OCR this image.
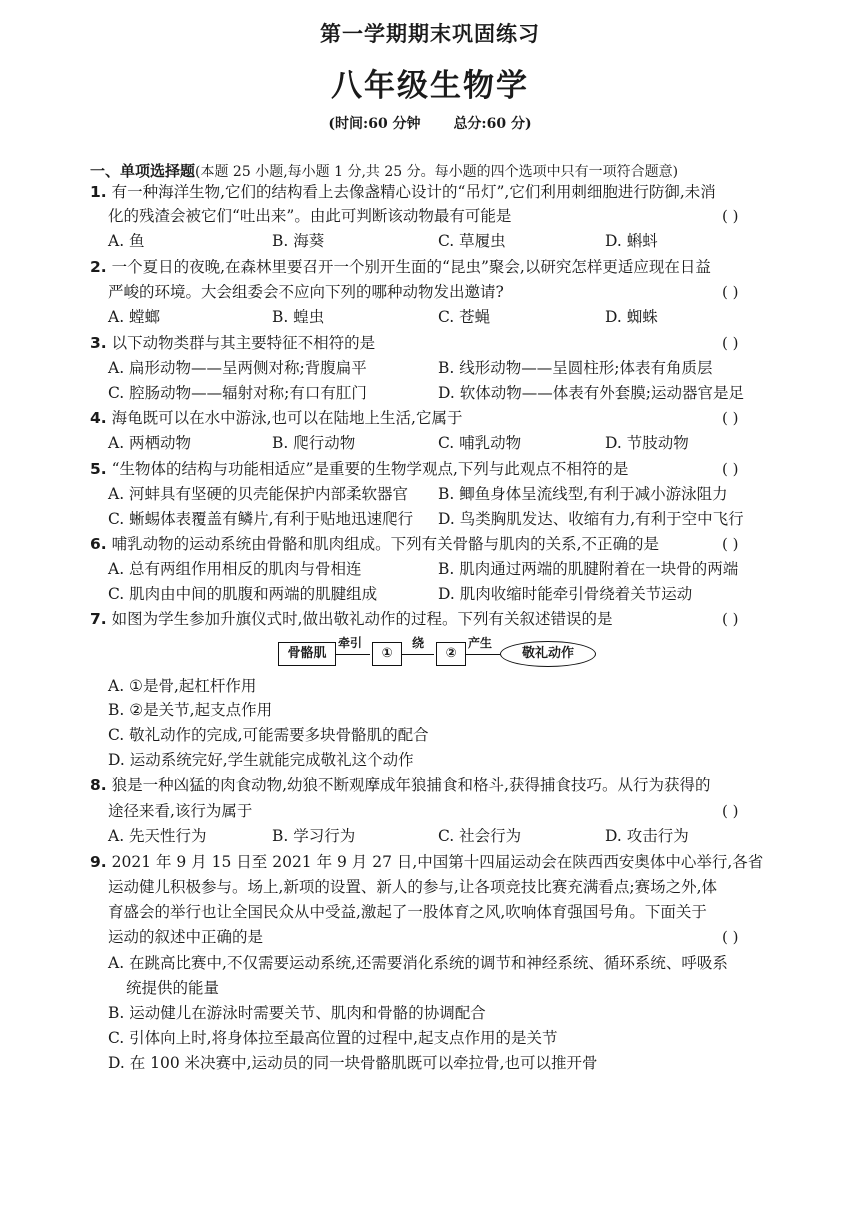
第一学期期末巩固练习
八年级生物学
(时间:60 分钟 总分:60 分)
一、单项选择题(本题 25 小题,每小题 1 分,共 25 分。每小题的四个选项中只有一项符合题意)
1. 有一种海洋生物,它们的结构看上去像盏精心设计的“吊灯”,它们利用刺细胞进行防御,未消
化的残渣会被它们“吐出来”。由此可判断该动物最有可能是	( )
A. 鱼	B. 海葵	C. 草履虫	D. 蝌蚪
2. 一个夏日的夜晚,在森林里要召开一个别开生面的“昆虫”聚会,以研究怎样更适应现在日益
严峻的环境。大会组委会不应向下列的哪种动物发出邀请?	( )
A. 螳螂	B. 蝗虫	C. 苍蝇	D. 蜘蛛
3. 以下动物类群与其主要特征不相符的是	( )
A. 扁形动物——呈两侧对称;背腹扁平	B. 线形动物——呈圆柱形;体表有角质层
C. 腔肠动物——辐射对称;有口有肛门	D. 软体动物——体表有外套膜;运动器官是足
4. 海龟既可以在水中游泳,也可以在陆地上生活,它属于	( )
A. 两栖动物	B. 爬行动物	C. 哺乳动物	D. 节肢动物
5. “生物体的结构与功能相适应”是重要的生物学观点,下列与此观点不相符的是	( )
A. 河蚌具有坚硬的贝壳能保护内部柔软器官 B. 鲫鱼身体呈流线型,有利于减小游泳阻力
C. 蜥蜴体表覆盖有鳞片,有利于贴地迅速爬行 D. 鸟类胸肌发达、收缩有力,有利于空中飞行
6. 哺乳动物的运动系统由骨骼和肌肉组成。下列有关骨骼与肌肉的关系,不正确的是	( )
A. 总有两组作用相反的肌肉与骨相连	B. 肌肉通过两端的肌腱附着在一块骨的两端
C. 肌肉由中间的肌腹和两端的肌腱组成	D. 肌肉收缩时能牵引骨绕着关节运动
7. 如图为学生参加升旗仪式时,做出敬礼动作的过程。下列有关叙述错误的是	( )
骨骼肌
牵引
①
绕
②
产生
敬礼动作
A. ①是骨,起杠杆作用
B. ②是关节,起支点作用
C. 敬礼动作的完成,可能需要多块骨骼肌的配合
D. 运动系统完好,学生就能完成敬礼这个动作
8. 狼是一种凶猛的肉食动物,幼狼不断观摩成年狼捕食和格斗,获得捕食技巧。从行为获得的
途径来看,该行为属于	( )
A. 先天性行为	B. 学习行为	C. 社会行为	D. 攻击行为
9. 2021 年 9 月 15 日至 2021 年 9 月 27 日,中国第十四届运动会在陕西西安奥体中心举行,各省
运动健儿积极参与。场上,新项的设置、新人的参与,让各项竞技比赛充满看点;赛场之外,体
育盛会的举行也让全国民众从中受益,激起了一股体育之风,吹响体育强国号角。下面关于
运动的叙述中正确的是	( )
A. 在跳高比赛中,不仅需要运动系统,还需要消化系统的调节和神经系统、循环系统、呼吸系
统提供的能量
B. 运动健儿在游泳时需要关节、肌肉和骨骼的协调配合
C. 引体向上时,将身体拉至最高位置的过程中,起支点作用的是关节
D. 在 100 米决赛中,运动员的同一块骨骼肌既可以牵拉骨,也可以推开骨
